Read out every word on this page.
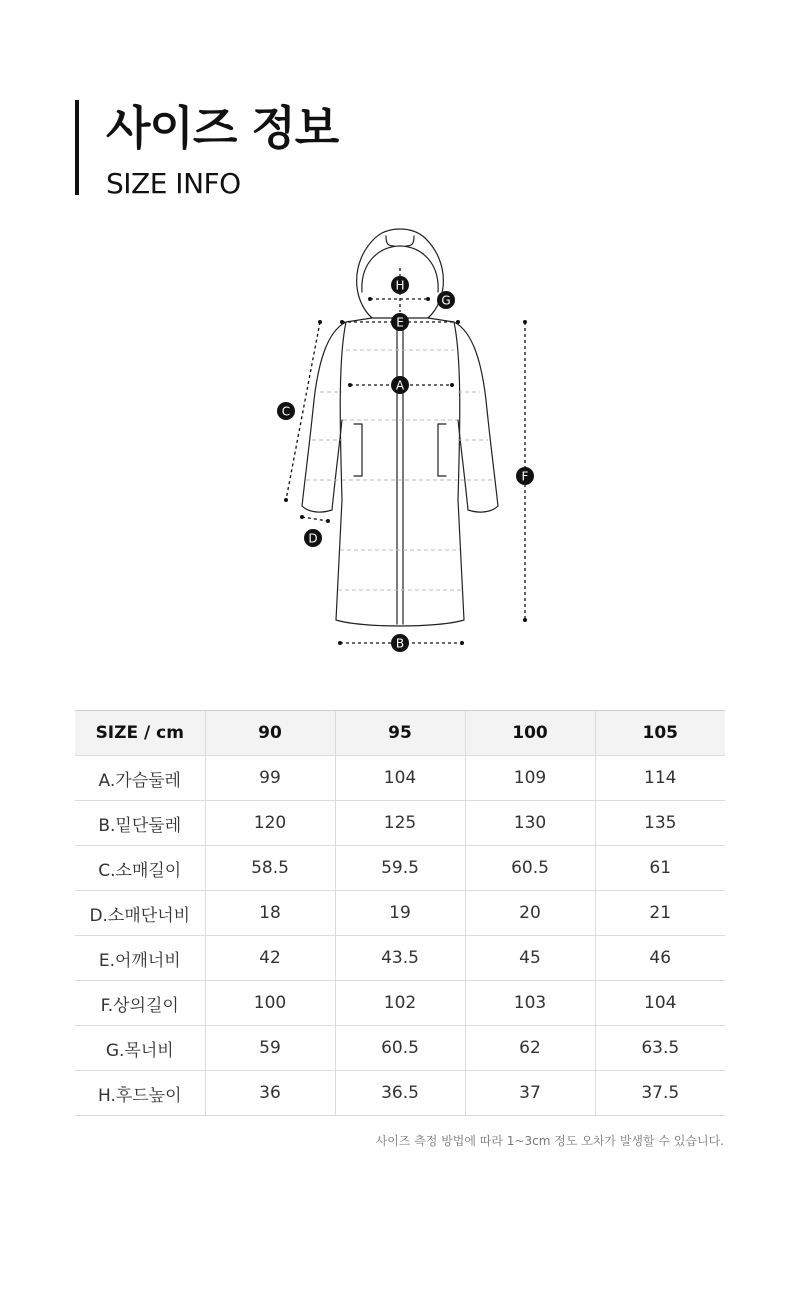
사이즈 정보
SIZE INFO
H
G
E
A
C
D
F
B
SIZE / cm	90	95	100	105
A.가슴둘레	99	104	109	114
B.밑단둘레	120	125	130	135
C.소매길이	58.5	59.5	60.5	61
D.소매단너비	18	19	20	21
E.어깨너비	42	43.5	45	46
F.상의길이	100	102	103	104
G.목너비	59	60.5	62	63.5
H.후드높이	36	36.5	37	37.5
사이즈 측정 방법에 따라 1~3cm 정도 오차가 발생할 수 있습니다.
